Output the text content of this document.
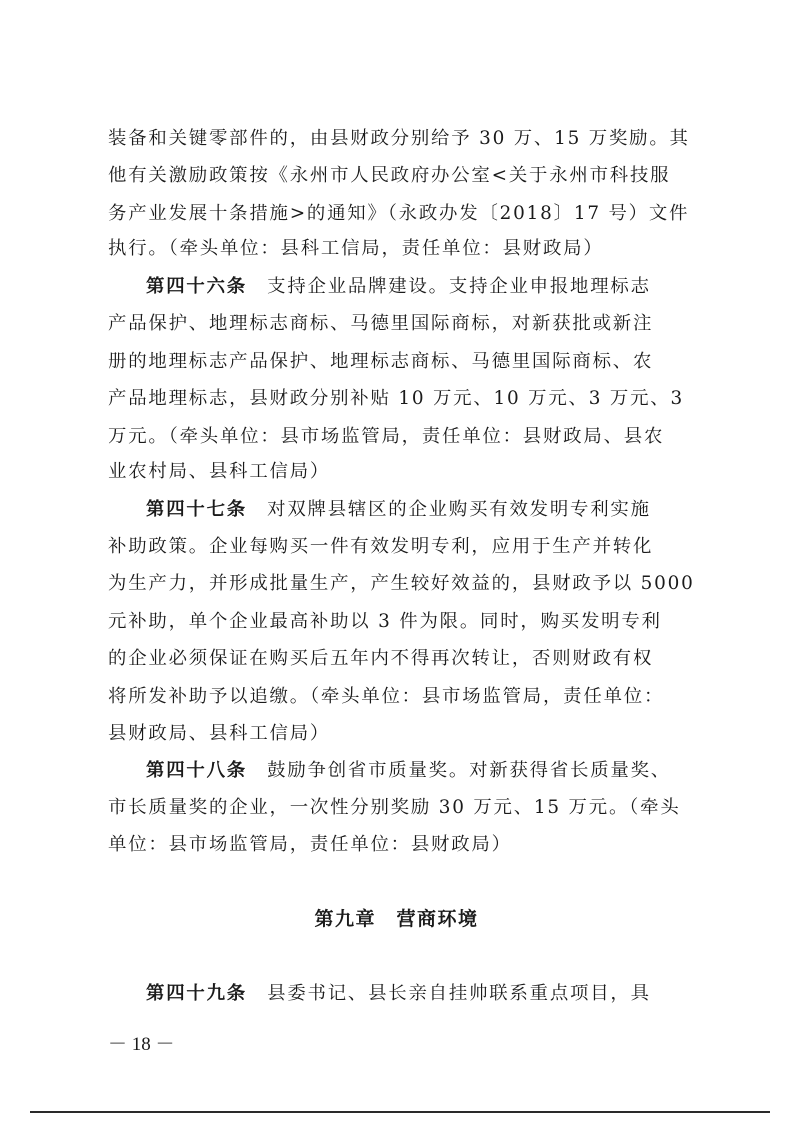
装备和关键零部件的，由县财政分别给予 30 万、15 万奖励。其
他有关激励政策按《永州市人民政府办公室<关于永州市科技服
务产业发展十条措施>的通知》（永政办发〔2018〕17 号）文件
执行。（牵头单位：县科工信局，责任单位：县财政局）
第四十六条　支持企业品牌建设。支持企业申报地理标志
产品保护、地理标志商标、马德里国际商标，对新获批或新注
册的地理标志产品保护、地理标志商标、马德里国际商标、农
产品地理标志，县财政分别补贴 10 万元、10 万元、3 万元、3
万元。（牵头单位：县市场监管局，责任单位：县财政局、县农
业农村局、县科工信局）
第四十七条　对双牌县辖区的企业购买有效发明专利实施
补助政策。企业每购买一件有效发明专利，应用于生产并转化
为生产力，并形成批量生产，产生较好效益的，县财政予以 5000
元补助，单个企业最高补助以 3 件为限。同时，购买发明专利
的企业必须保证在购买后五年内不得再次转让，否则财政有权
将所发补助予以追缴。（牵头单位：县市场监管局，责任单位：
县财政局、县科工信局）
第四十八条　鼓励争创省市质量奖。对新获得省长质量奖、
市长质量奖的企业，一次性分别奖励 30 万元、15 万元。（牵头
单位：县市场监管局，责任单位：县财政局）
第九章　营商环境
第四十九条　县委书记、县长亲自挂帅联系重点项目，具
－ 18 －
